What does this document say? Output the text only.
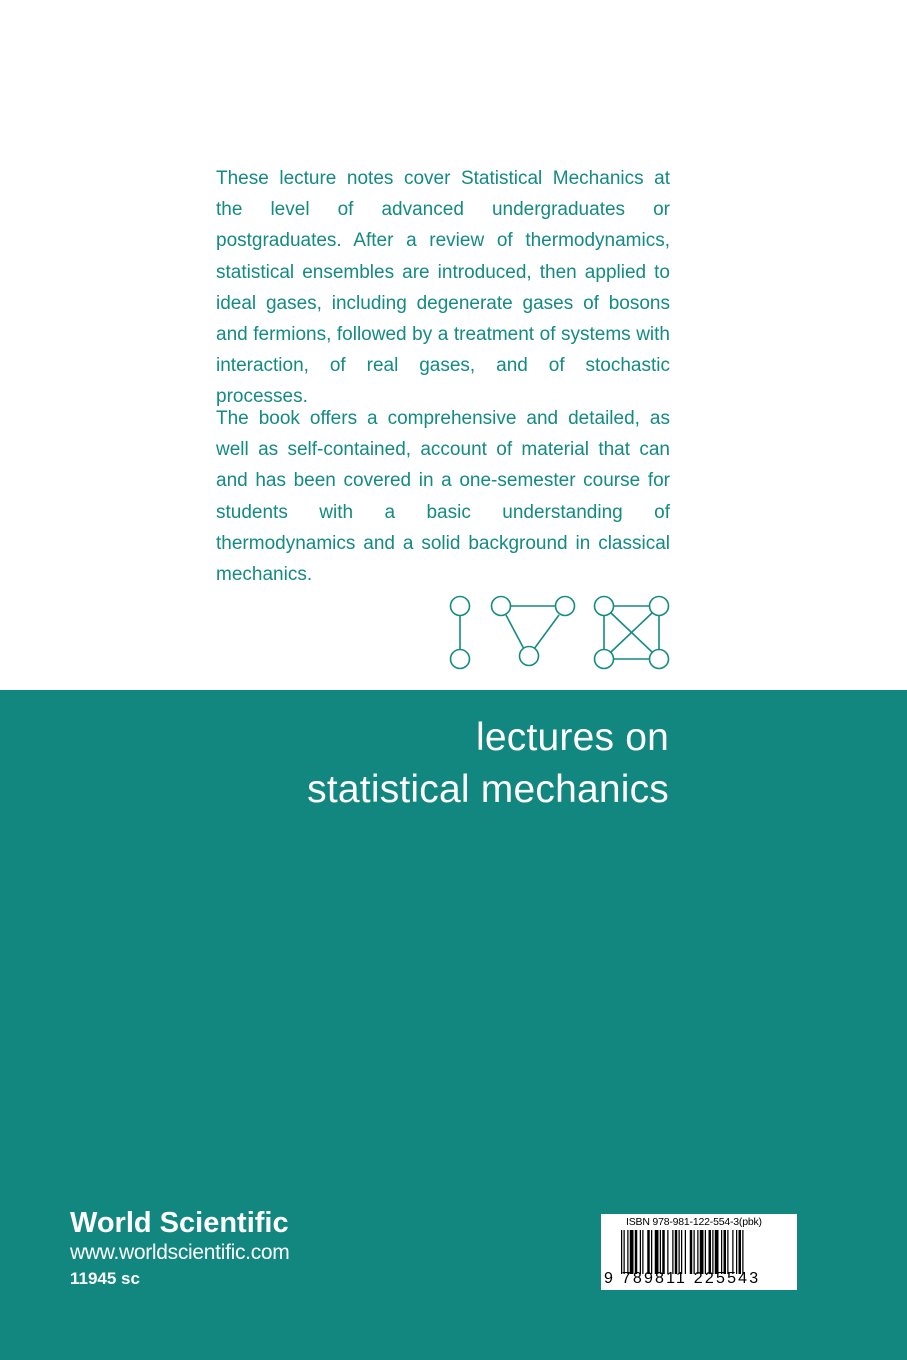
These lecture notes cover Statistical Mechanics at the level of advanced undergraduates or postgraduates. After a review of thermodynamics, statistical ensembles are introduced, then applied to ideal gases, including degenerate gases of bosons and fermions, followed by a treatment of systems with interaction, of real gases, and of stochastic processes.

The book offers a comprehensive and detailed, as well as self-contained, account of material that can and has been covered in a one-semester course for students with a basic understanding of thermodynamics and a solid background in classical mechanics.

lectures on
statistical mechanics
World Scientific
www.worldscientific.com
11945 sc
ISBN 978-981-122-554-3(pbk)
9 789811 225543
